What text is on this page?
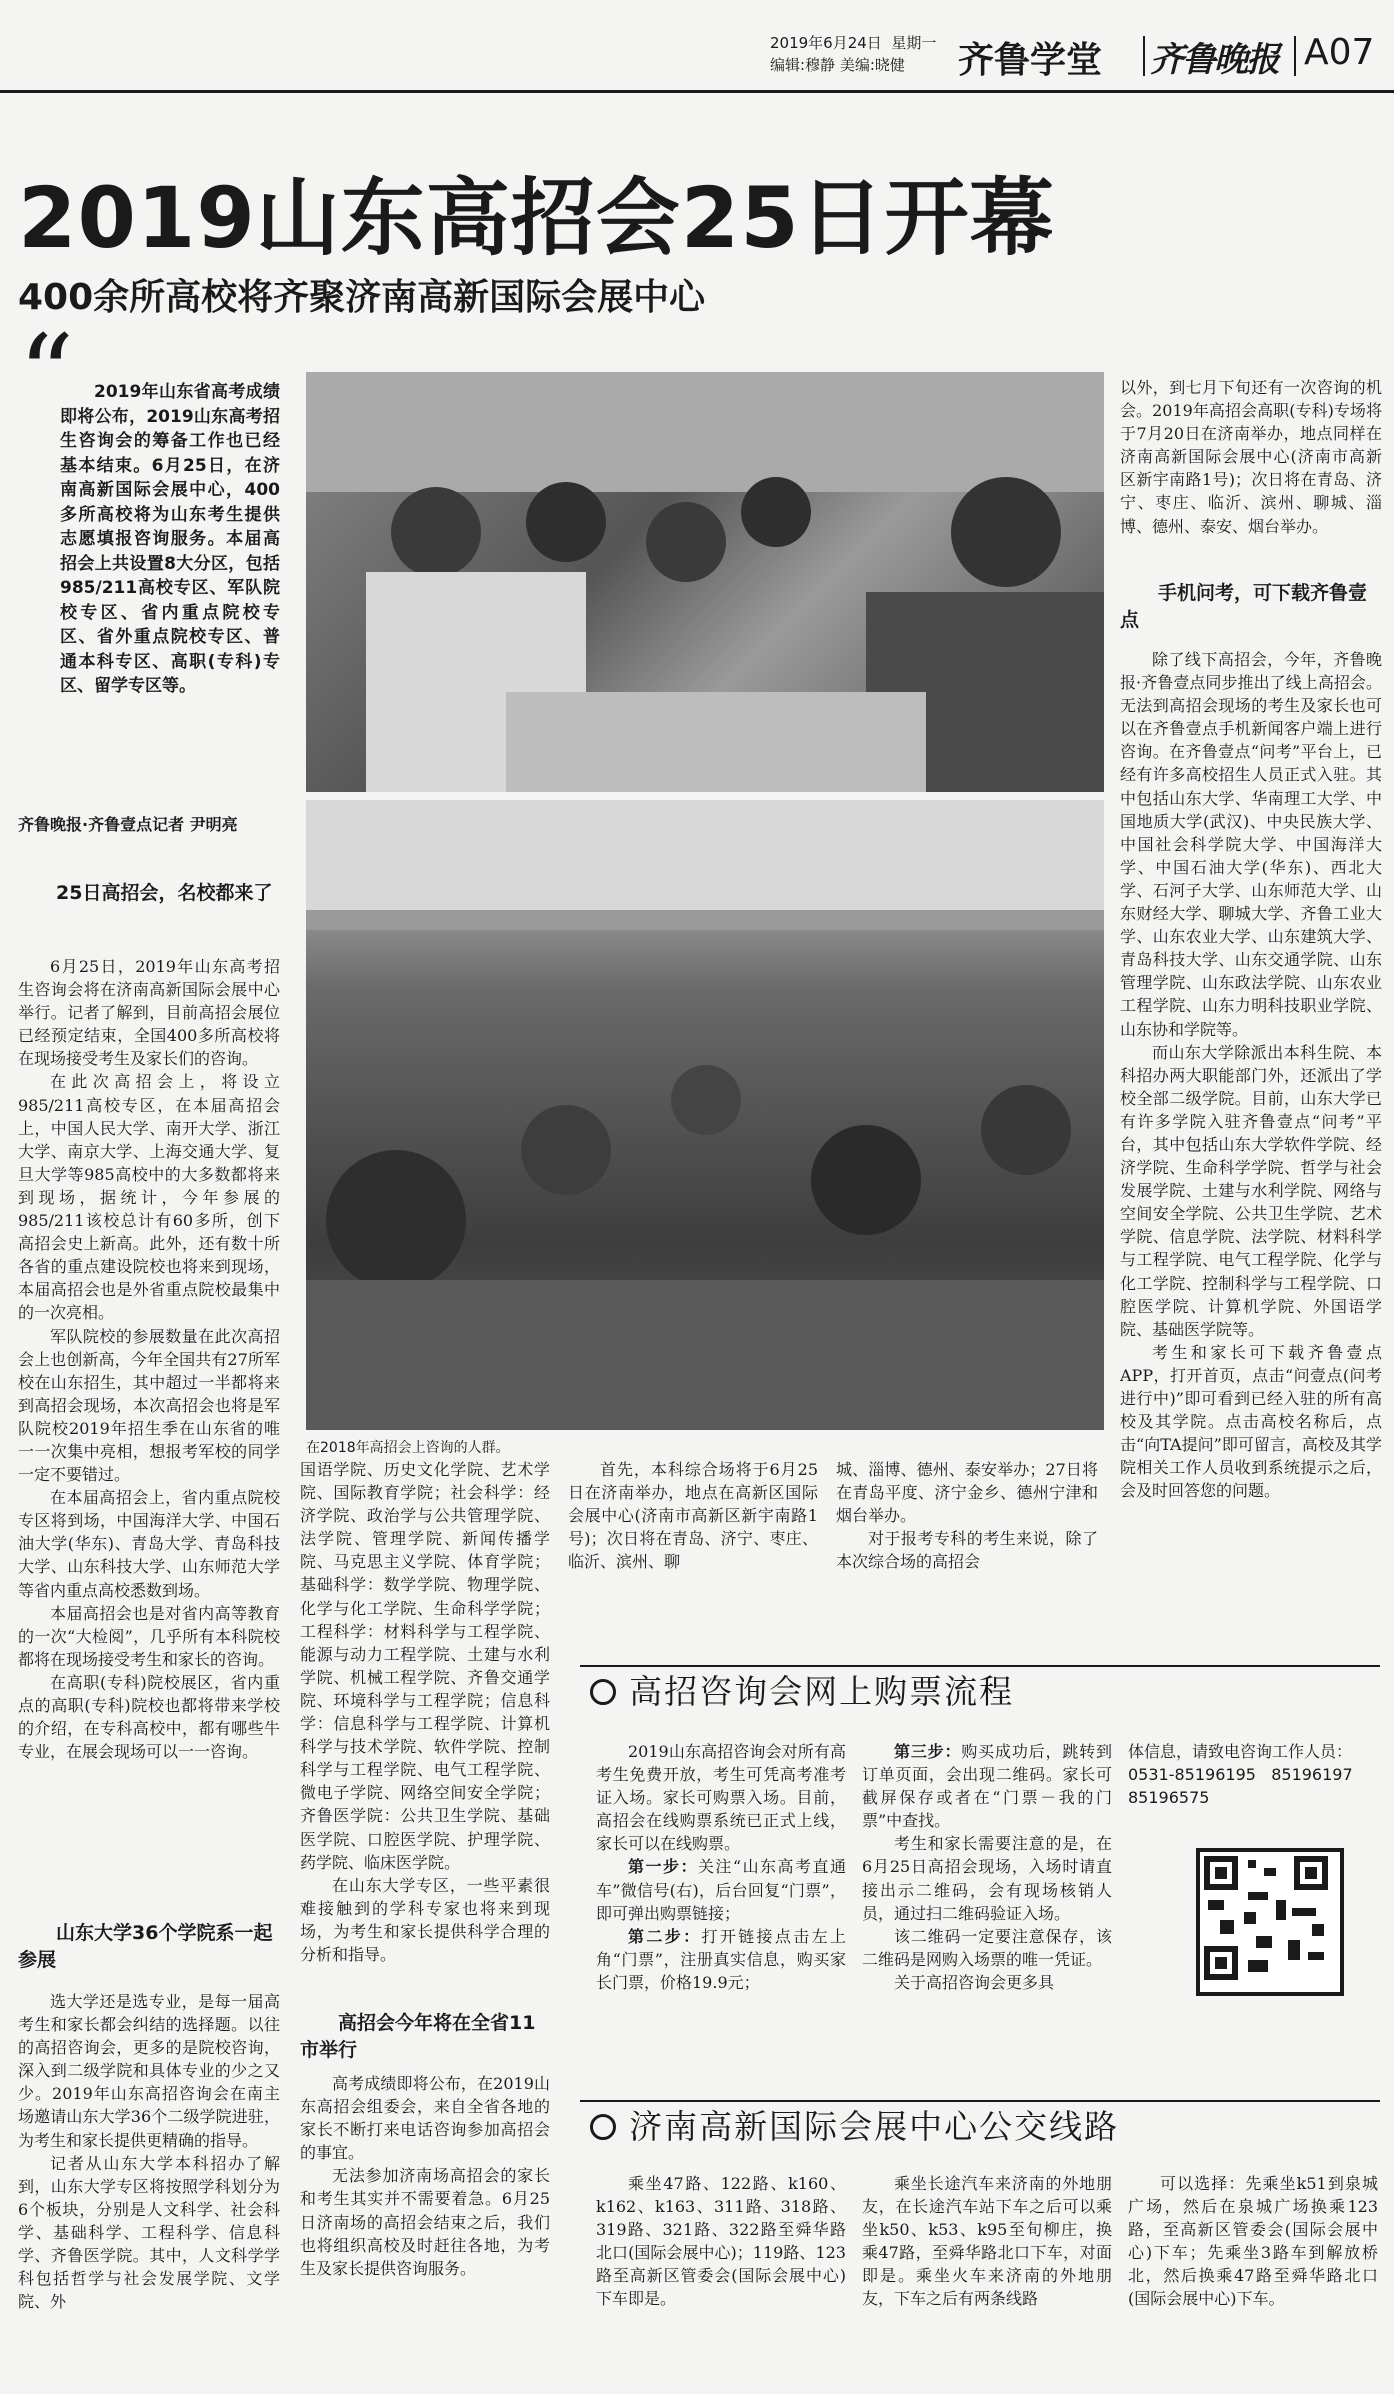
2019年6月24日 星期一
编辑:穆静 美编:晓健 齐鲁学堂 齐鲁晚报 A07
2019山东高招会25日开幕
400余所高校将齐聚济南高新国际会展中心
“	2019年山东省高考成绩即将公布，2019山东高考招生咨询会的筹备工作也已经基本结束。6月25日，在济南高新国际会展中心，400多所高校将为山东考生提供志愿填报咨询服务。本届高招会上共设置8大分区，包括985/211高校专区、军队院校专区、省内重点院校专区、省外重点院校专区、普通本科专区、高职(专科)专区、留学专区等。
齐鲁晚报·齐鲁壹点记者 尹明亮
在2018年高招会上咨询的人群。
25日高招会，名校都来了

6月25日，2019年山东高考招生咨询会将在济南高新国际会展中心举行。记者了解到，目前高招会展位已经预定结束，全国400多所高校将在现场接受考生及家长们的咨询。

在此次高招会上，将设立985/211高校专区，在本届高招会上，中国人民大学、南开大学、浙江大学、南京大学、上海交通大学、复旦大学等985高校中的大多数都将来到现场，据统计，今年参展的985/211该校总计有60多所，创下高招会史上新高。此外，还有数十所各省的重点建设院校也将来到现场，本届高招会也是外省重点院校最集中的一次亮相。

军队院校的参展数量在此次高招会上也创新高，今年全国共有27所军校在山东招生，其中超过一半都将来到高招会现场，本次高招会也将是军队院校2019年招生季在山东省的唯一一次集中亮相，想报考军校的同学一定不要错过。

在本届高招会上，省内重点院校专区将到场，中国海洋大学、中国石油大学(华东)、青岛大学、青岛科技大学、山东科技大学、山东师范大学等省内重点高校悉数到场。

本届高招会也是对省内高等教育的一次“大检阅”，几乎所有本科院校都将在现场接受考生和家长的咨询。

在高职(专科)院校展区，省内重点的高职(专科)院校也都将带来学校的介绍，在专科高校中，都有哪些牛专业，在展会现场可以一一咨询。

山东大学36个学院系一起参展

选大学还是选专业，是每一届高考生和家长都会纠结的选择题。以往的高招咨询会，更多的是院校咨询，深入到二级学院和具体专业的少之又少。2019年山东高招咨询会在南主场邀请山东大学36个二级学院进驻，为考生和家长提供更精确的指导。

记者从山东大学本科招办了解到，山东大学专区将按照学科划分为6个板块，分别是人文科学、社会科学、基础科学、工程科学、信息科学、齐鲁医学院。其中，人文科学学科包括哲学与社会发展学院、文学院、外

国语学院、历史文化学院、艺术学院、国际教育学院；社会科学：经济学院、政治学与公共管理学院、法学院、管理学院、新闻传播学院、马克思主义学院、体育学院；基础科学：数学学院、物理学院、化学与化工学院、生命科学学院；工程科学：材料科学与工程学院、能源与动力工程学院、土建与水利学院、机械工程学院、齐鲁交通学院、环境科学与工程学院；信息科学：信息科学与工程学院、计算机科学与技术学院、软件学院、控制科学与工程学院、电气工程学院、微电子学院、网络空间安全学院；齐鲁医学院：公共卫生学院、基础医学院、口腔医学院、护理学院、药学院、临床医学院。

在山东大学专区，一些平素很难接触到的学科专家也将来到现场，为考生和家长提供科学合理的分析和指导。

高招会今年将在全省11市举行

高考成绩即将公布，在2019山东高招会组委会，来自全省各地的家长不断打来电话咨询参加高招会的事宜。

无法参加济南场高招会的家长和考生其实并不需要着急。6月25日济南场的高招会结束之后，我们也将组织高校及时赶往各地，为考生及家长提供咨询服务。

首先，本科综合场将于6月25日在济南举办，地点在高新区国际会展中心(济南市高新区新宇南路1号)；次日将在青岛、济宁、枣庄、临沂、滨州、聊

城、淄博、德州、泰安举办；27日将在青岛平度、济宁金乡、德州宁津和烟台举办。

对于报考专科的考生来说，除了本次综合场的高招会

以外，到七月下旬还有一次咨询的机会。2019年高招会高职(专科)专场将于7月20日在济南举办，地点同样在济南高新国际会展中心(济南市高新区新宇南路1号)；次日将在青岛、济宁、枣庄、临沂、滨州、聊城、淄博、德州、泰安、烟台举办。

手机问考，可下载齐鲁壹点

除了线下高招会，今年，齐鲁晚报·齐鲁壹点同步推出了线上高招会。无法到高招会现场的考生及家长也可以在齐鲁壹点手机新闻客户端上进行咨询。在齐鲁壹点“问考”平台上，已经有许多高校招生人员正式入驻。其中包括山东大学、华南理工大学、中国地质大学(武汉)、中央民族大学、中国社会科学院大学、中国海洋大学、中国石油大学(华东)、西北大学、石河子大学、山东师范大学、山东财经大学、聊城大学、齐鲁工业大学、山东农业大学、山东建筑大学、青岛科技大学、山东交通学院、山东管理学院、山东政法学院、山东农业工程学院、山东力明科技职业学院、山东协和学院等。

而山东大学除派出本科生院、本科招办两大职能部门外，还派出了学校全部二级学院。目前，山东大学已有许多学院入驻齐鲁壹点“问考”平台，其中包括山东大学软件学院、经济学院、生命科学学院、哲学与社会发展学院、土建与水利学院、网络与空间安全学院、公共卫生学院、艺术学院、信息学院、法学院、材料科学与工程学院、电气工程学院、化学与化工学院、控制科学与工程学院、口腔医学院、计算机学院、外国语学院、基础医学院等。

考生和家长可下载齐鲁壹点APP，打开首页，点击“问壹点(问考进行中)”即可看到已经入驻的所有高校及其学院。点击高校名称后，点击“向TA提问”即可留言，高校及其学院相关工作人员收到系统提示之后，会及时回答您的问题。

高招咨询会网上购票流程

2019山东高招咨询会对所有高考生免费开放，考生可凭高考准考证入场。家长可购票入场。目前，高招会在线购票系统已正式上线，家长可以在线购票。

第一步：关注“山东高考直通车”微信号(右)，后台回复“门票”，即可弹出购票链接；

第二步：打开链接点击左上角“门票”，注册真实信息，购买家长门票，价格19.9元；

第三步：购买成功后，跳转到订单页面，会出现二维码。家长可截屏保存或者在“门票－我的门票”中查找。

考生和家长需要注意的是，在6月25日高招会现场，入场时请直接出示二维码，会有现场核销人员，通过扫二维码验证入场。

该二维码一定要注意保存，该二维码是网购入场票的唯一凭证。

关于高招咨询会更多具

体信息，请致电咨询工作人员：
0531-85196195 85196197
85196575
济南高新国际会展中心公交线路
乘坐47路、122路、k160、k162、k163、311路、318路、319路、321路、322路至舜华路北口(国际会展中心)；119路、123路至高新区管委会(国际会展中心)下车即是。
乘坐长途汽车来济南的外地朋友，在长途汽车站下车之后可以乘坐k50、k53、k95至旬柳庄，换乘47路，至舜华路北口下车，对面即是。乘坐火车来济南的外地朋友，下车之后有两条线路
可以选择：先乘坐k51到泉城广场，然后在泉城广场换乘123路，至高新区管委会(国际会展中心)下车；先乘坐3路车到解放桥北，然后换乘47路至舜华路北口(国际会展中心)下车。
